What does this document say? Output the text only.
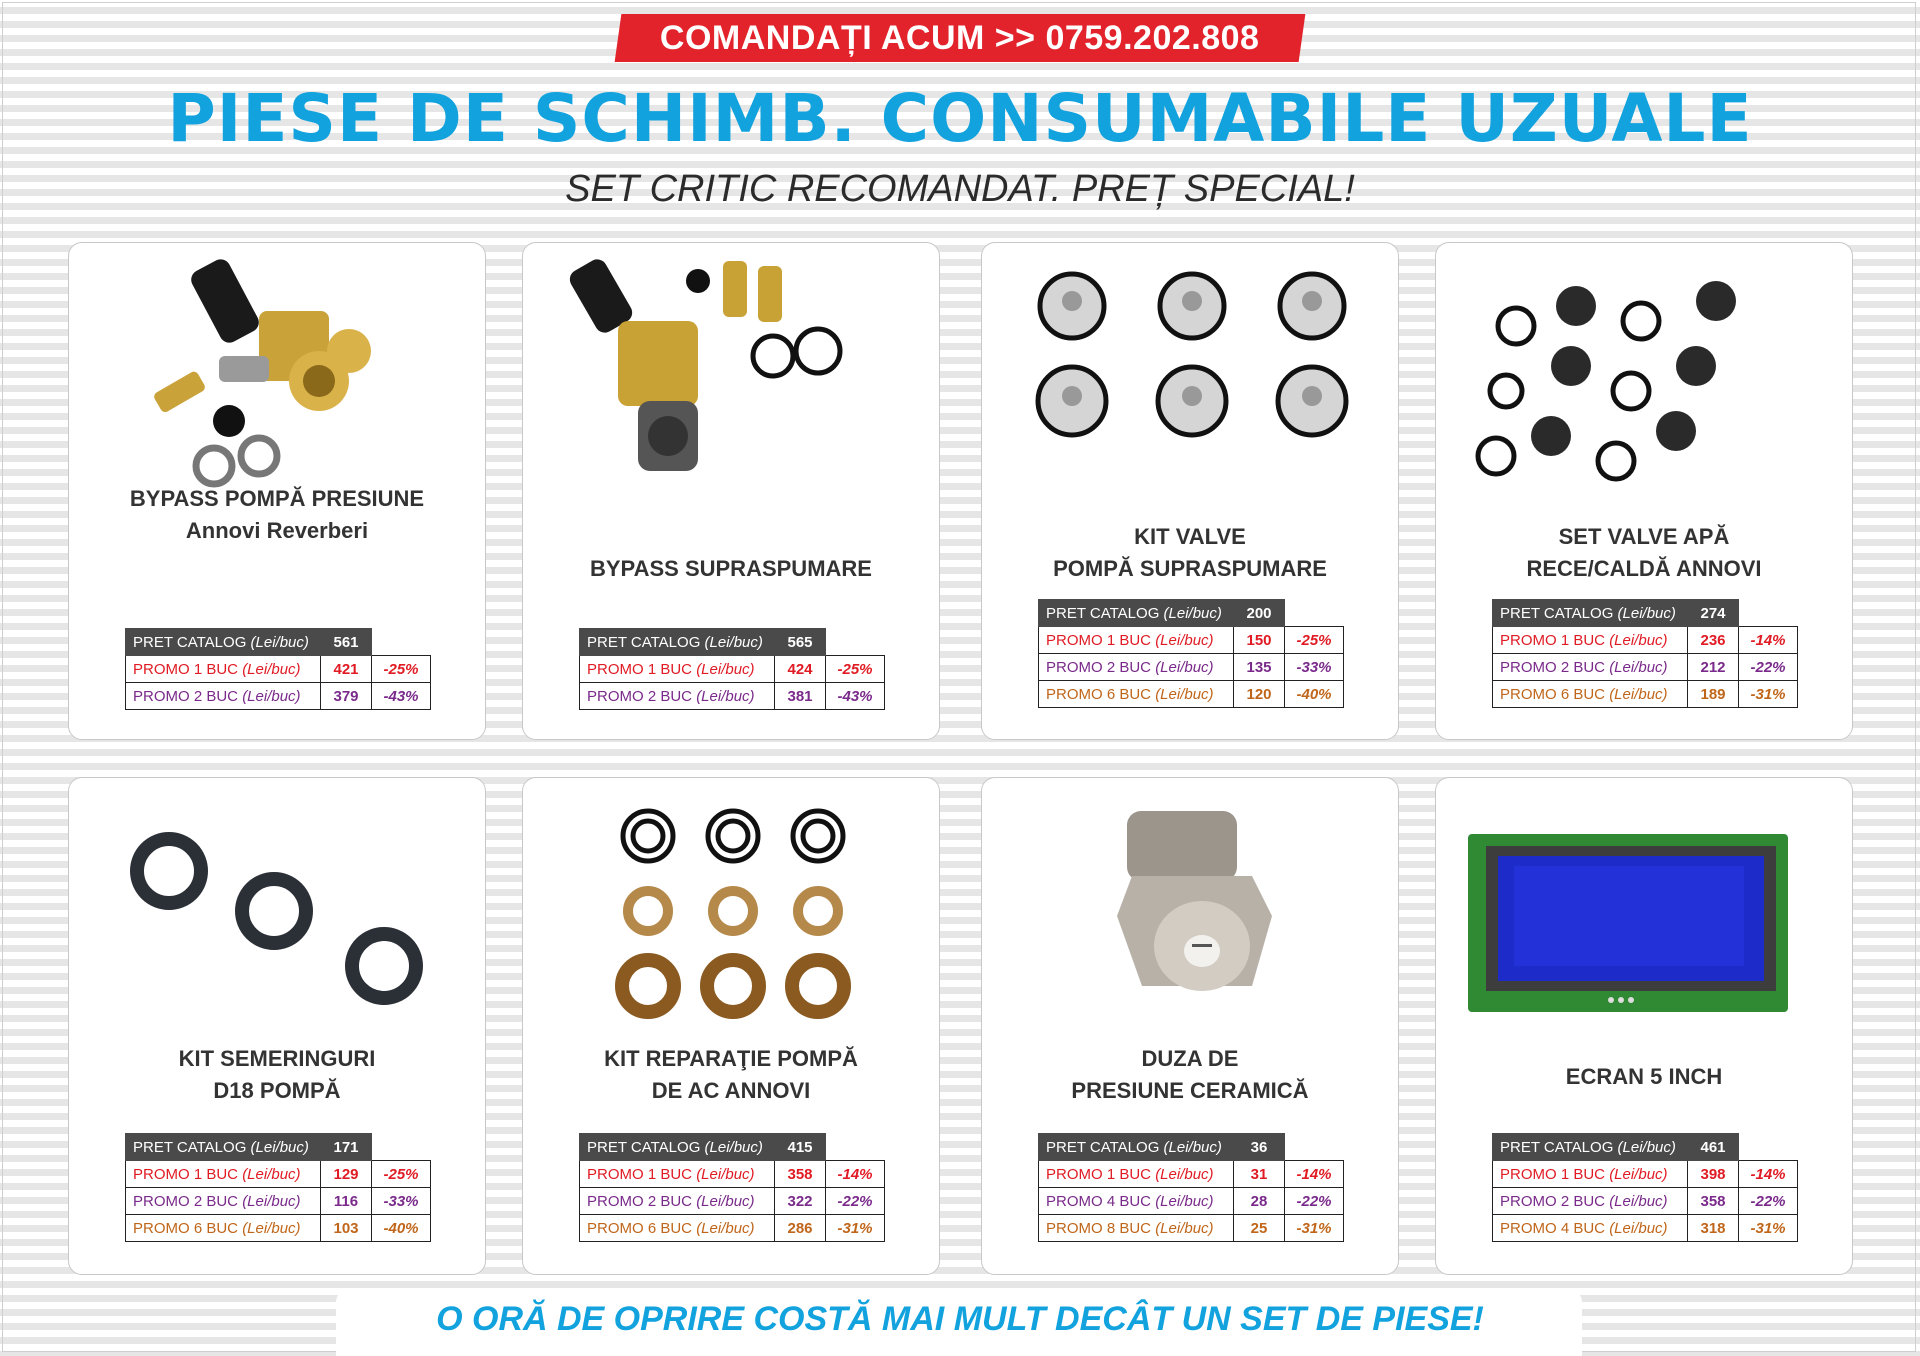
COMANDAȚI ACUM >> 0759.202.808
PIESE DE SCHIMB. CONSUMABILE UZUALE
SET CRITIC RECOMANDAT. PREȚ SPECIAL!
BYPASS POMPĂ PRESIUNE
Annovi Reverberi
PRET CATALOG (Lei/buc)	561	
PROMO 1 BUC (Lei/buc)	421	-25%
PROMO 2 BUC (Lei/buc)	379	-43%
BYPASS SUPRASPUMARE
PRET CATALOG (Lei/buc)	565	
PROMO 1 BUC (Lei/buc)	424	-25%
PROMO 2 BUC (Lei/buc)	381	-43%
KIT VALVE
POMPĂ SUPRASPUMARE
PRET CATALOG (Lei/buc)	200	
PROMO 1 BUC (Lei/buc)	150	-25%
PROMO 2 BUC (Lei/buc)	135	-33%
PROMO 6 BUC (Lei/buc)	120	-40%
SET VALVE APĂ
RECE/CALDĂ ANNOVI
PRET CATALOG (Lei/buc)	274	
PROMO 1 BUC (Lei/buc)	236	-14%
PROMO 2 BUC (Lei/buc)	212	-22%
PROMO 6 BUC (Lei/buc)	189	-31%
KIT SEMERINGURI
D18 POMPĂ
PRET CATALOG (Lei/buc)	171	
PROMO 1 BUC (Lei/buc)	129	-25%
PROMO 2 BUC (Lei/buc)	116	-33%
PROMO 6 BUC (Lei/buc)	103	-40%
KIT REPARAŢIE POMPĂ
DE AC ANNOVI
PRET CATALOG (Lei/buc)	415	
PROMO 1 BUC (Lei/buc)	358	-14%
PROMO 2 BUC (Lei/buc)	322	-22%
PROMO 6 BUC (Lei/buc)	286	-31%
DUZA DE
PRESIUNE CERAMICĂ
PRET CATALOG (Lei/buc)	36	
PROMO 1 BUC (Lei/buc)	31	-14%
PROMO 4 BUC (Lei/buc)	28	-22%
PROMO 8 BUC (Lei/buc)	25	-31%
ECRAN 5 INCH
PRET CATALOG (Lei/buc)	461	
PROMO 1 BUC (Lei/buc)	398	-14%
PROMO 2 BUC (Lei/buc)	358	-22%
PROMO 4 BUC (Lei/buc)	318	-31%
O ORĂ DE OPRIRE COSTĂ MAI MULT DECÂT UN SET DE PIESE!
